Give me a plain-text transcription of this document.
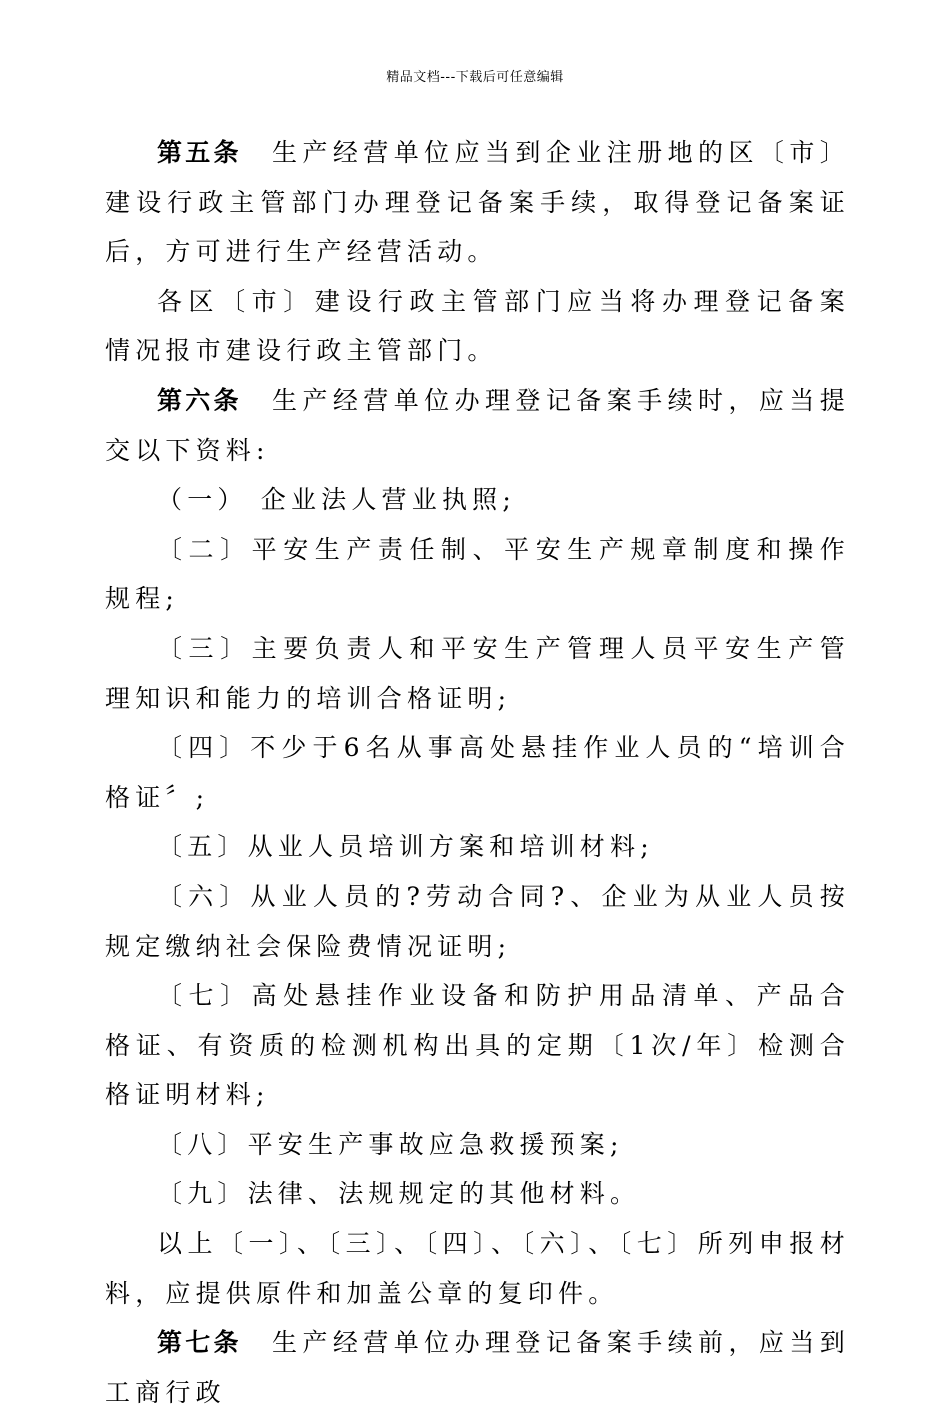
精品文档---下载后可任意编辑

第五条 生产经营单位应当到企业注册地的区〔市〕建设行政主管部门办理登记备案手续，取得登记备案证后，方可进行生产经营活动。

各区〔市〕建设行政主管部门应当将办理登记备案情况报市建设行政主管部门。

第六条 生产经营单位办理登记备案手续时，应当提交以下资料:

（一） 企业法人营业执照;

〔二〕平安生产责任制、平安生产规章制度和操作规程;

〔三〕主要负责人和平安生产管理人员平安生产管理知识和能力的培训合格证明;

〔四〕不少于6名从事高处悬挂作业人员的“培训合格证〞;

〔五〕从业人员培训方案和培训材料;

〔六〕从业人员的?劳动合同?、企业为从业人员按规定缴纳社会保险费情况证明;

〔七〕高处悬挂作业设备和防护用品清单、产品合格证、有资质的检测机构出具的定期〔1次/年〕检测合格证明材料;

〔八〕平安生产事故应急救援预案;

〔九〕法律、法规规定的其他材料。

以上〔一〕、〔三〕、〔四〕、〔六〕、〔七〕所列申报材料，应提供原件和加盖公章的复印件。

第七条 生产经营单位办理登记备案手续前，应当到工商行政
